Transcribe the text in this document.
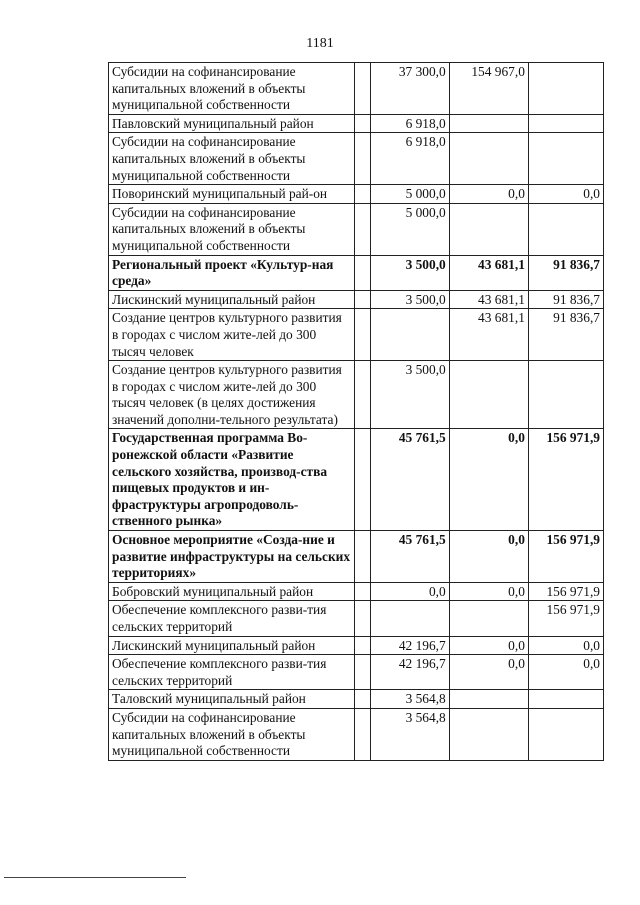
1181
Субсидии на софинансирование капитальных вложений в объекты муниципальной собственности		37 300,0	154 967,0	
Павловский муниципальный район		6 918,0		
Субсидии на софинансирование капитальных вложений в объекты муниципальной собственности		6 918,0		
Поворинский муниципальный рай-он		5 000,0	0,0	0,0
Субсидии на софинансирование капитальных вложений в объекты муниципальной собственности		5 000,0		
Региональный проект «Культур-ная среда»		3 500,0	43 681,1	91 836,7
Лискинский муниципальный район		3 500,0	43 681,1	91 836,7
Создание центров культурного развития в городах с числом жите-лей до 300 тысяч человек			43 681,1	91 836,7
Создание центров культурного развития в городах с числом жите-лей до 300 тысяч человек (в целях достижения значений дополни-тельного результата)		3 500,0		
Государственная программа Во-ронежской области «Развитие сельского хозяйства, производ-ства пищевых продуктов и ин-фраструктуры агропродоволь-ственного рынка»		45 761,5	0,0	156 971,9
Основное мероприятие «Созда-ние и развитие инфраструктуры на сельских территориях»		45 761,5	0,0	156 971,9
Бобровский муниципальный район		0,0	0,0	156 971,9
Обеспечение комплексного разви-тия сельских территорий				156 971,9
Лискинский муниципальный район		42 196,7	0,0	0,0
Обеспечение комплексного разви-тия сельских территорий		42 196,7	0,0	0,0
Таловский муниципальный район		3 564,8		
Субсидии на софинансирование капитальных вложений в объекты муниципальной собственности		3 564,8		
